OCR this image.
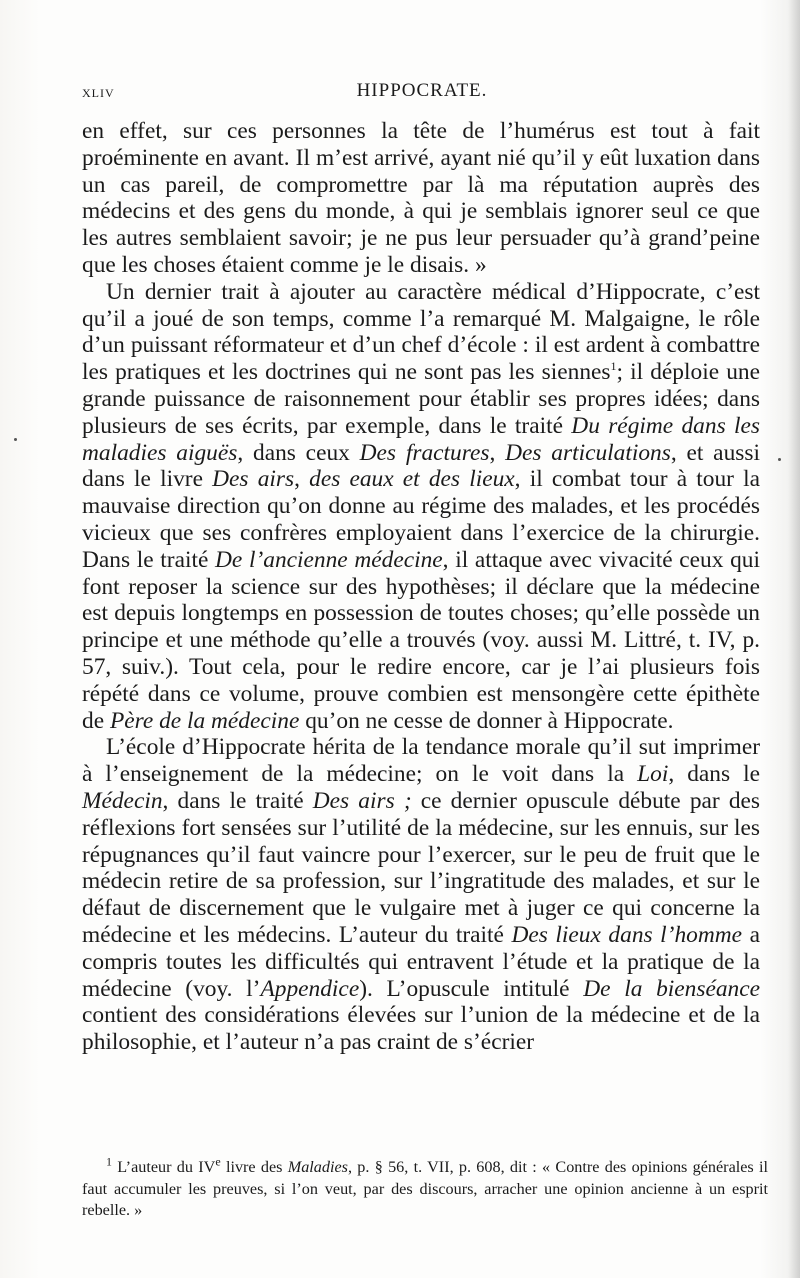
xliv	HIPPOCRATE.

en effet, sur ces personnes la tête de l’humérus est tout à fait proéminente en avant. Il m’est arrivé, ayant nié qu’il y eût luxation dans un cas pareil, de compromettre par là ma réputation auprès des médecins et des gens du monde, à qui je semblais ignorer seul ce que les autres semblaient savoir; je ne pus leur persuader qu’à grand’peine que les choses étaient comme je le disais. »

Un dernier trait à ajouter au caractère médical d’Hippocrate, c’est qu’il a joué de son temps, comme l’a remarqué M. Malgaigne, le rôle d’un puissant réformateur et d’un chef d’école : il est ardent à combattre les pratiques et les doctrines qui ne sont pas les siennes$^1$; il déploie une grande puissance de raisonnement pour établir ses propres idées; dans plusieurs de ses écrits, par exemple, dans le traité Du régime dans les maladies aiguës, dans ceux Des fractures, Des articulations, et aussi dans le livre Des airs, des eaux et des lieux, il combat tour à tour la mauvaise direction qu’on donne au régime des malades, et les procédés vicieux que ses confrères employaient dans l’exercice de la chirurgie. Dans le traité De l’ancienne médecine, il attaque avec vivacité ceux qui font reposer la science sur des hypothèses; il déclare que la médecine est depuis longtemps en possession de toutes choses; qu’elle possède un principe et une méthode qu’elle a trouvés (voy. aussi M. Littré, t. IV, p. 57, suiv.). Tout cela, pour le redire encore, car je l’ai plusieurs fois répété dans ce volume, prouve combien est mensongère cette épithète de Père de la médecine qu’on ne cesse de donner à Hippocrate.

L’école d’Hippocrate hérita de la tendance morale qu’il sut imprimer à l’enseignement de la médecine; on le voit dans la Loi, dans le Médecin, dans le traité Des airs ; ce dernier opuscule débute par des réflexions fort sensées sur l’utilité de la médecine, sur les ennuis, sur les répugnances qu’il faut vaincre pour l’exercer, sur le peu de fruit que le médecin retire de sa profession, sur l’ingratitude des malades, et sur le défaut de discernement que le vulgaire met à juger ce qui concerne la médecine et les médecins. L’auteur du traité Des lieux dans l’homme a compris toutes les difficultés qui entravent l’étude et la pratique de la médecine (voy. l’Appendice). L’opuscule intitulé De la bienséance contient des considérations élevées sur l’union de la médecine et de la philosophie, et l’auteur n’a pas craint de s’écrier

$^1$ L’auteur du IVe livre des Maladies, p. § 56, t. VII, p. 608, dit : « Contre des opinions générales il faut accumuler les preuves, si l’on veut, par des discours, arracher une opinion ancienne à un esprit rebelle. »
